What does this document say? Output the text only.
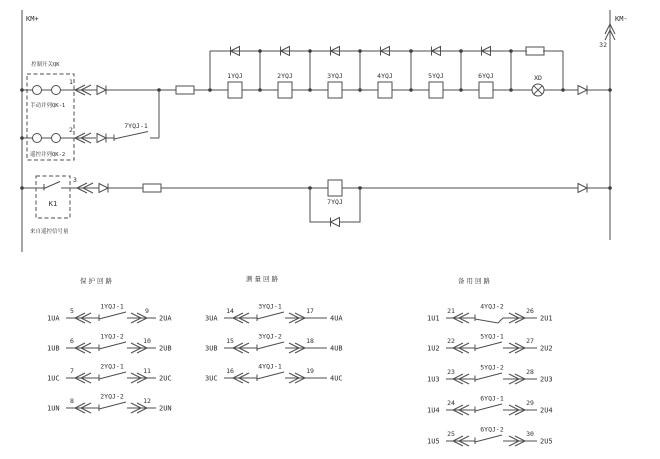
KM+	KM-
32
控制开关QK
手动并列QK-1
遥控并列QK-2
1
2	7YQJ-1
1YQJ	2YQJ	3YQJ	4YQJ	5YQJ	6YQJ	XD
K1
来自遥控信号量
3
7YQJ
保护回路
1UA
5
1YQJ-1
9
2UA
1UB
6
1YQJ-2
10
2UB
1UC
7
2YQJ-1
11
2UC
1UN
8
2YQJ-2
12
2UN
测量回路
3UA
14
3YQJ-1
17
4UA
3UB
15
3YQJ-2
18
4UB
3UC
16
4YQJ-1
19
4UC
备用回路
1U1
21
4YQJ-2
26
2U1
1U2
22
5YQJ-1
27
2U2
1U3
23
5YQJ-2
28
2U3
1U4
24
6YQJ-1
29
2U4
1U5
25
6YQJ-2
30
2U5
